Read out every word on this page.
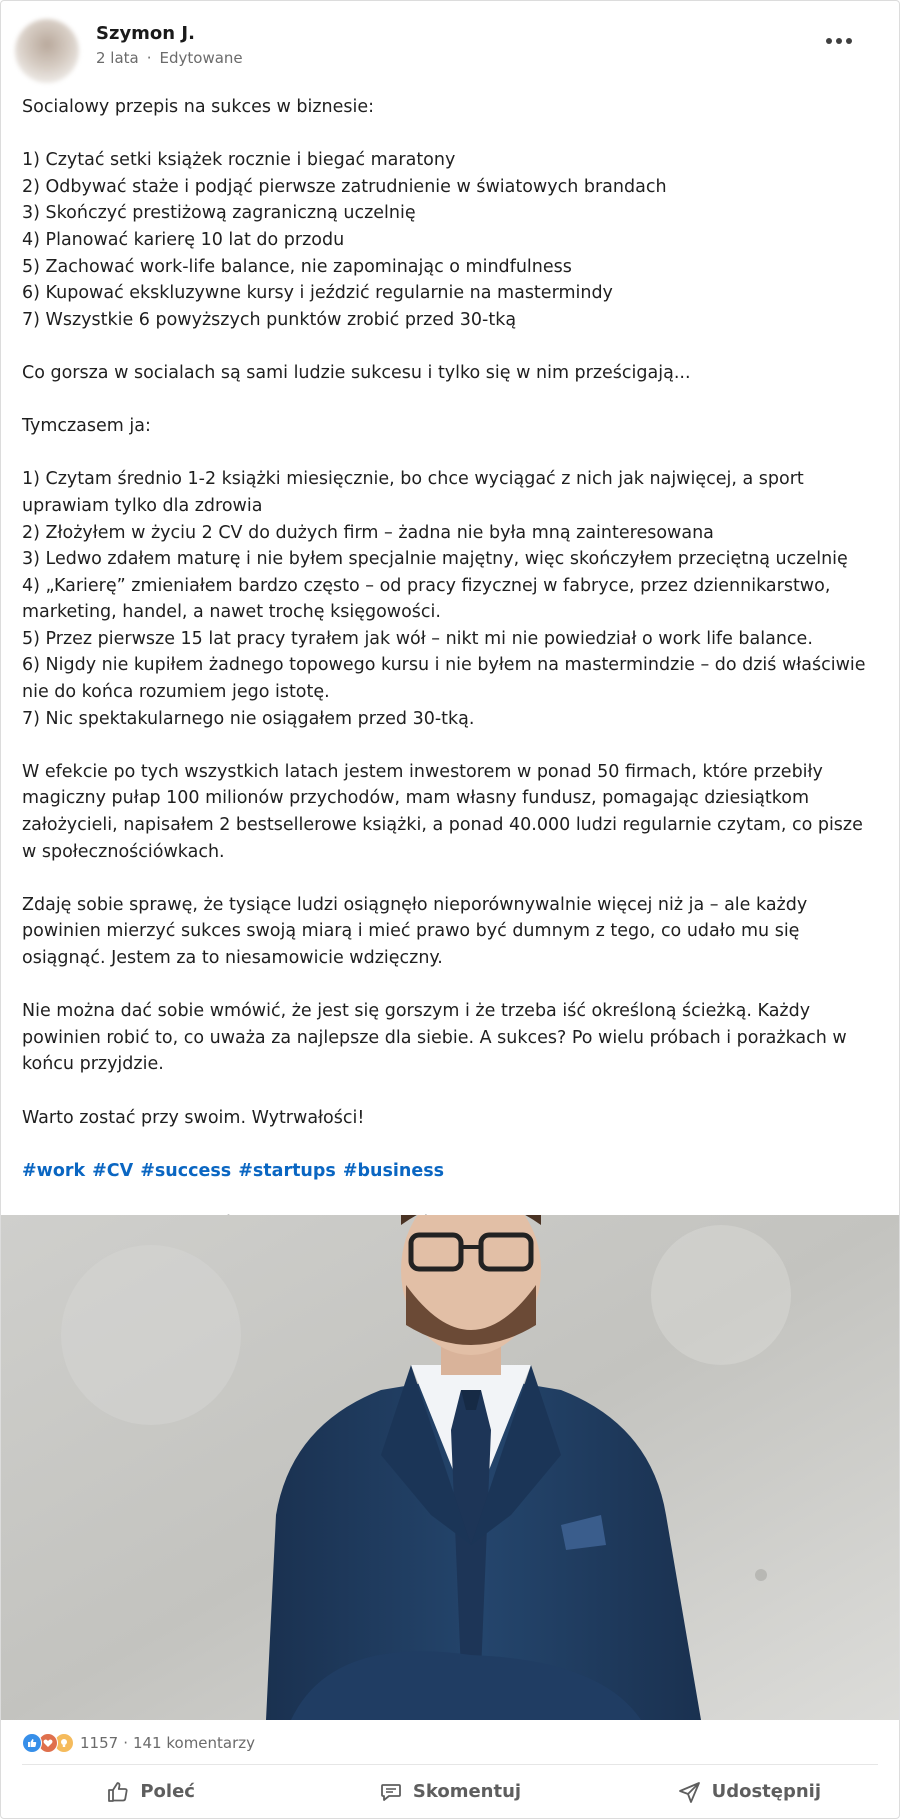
Szymon J.
2 lata · Edytowane

Socialowy przepis na sukces w biznesie:

1) Czytać setki książek rocznie i biegać maratony

2) Odbywać staże i podjąć pierwsze zatrudnienie w światowych brandach

3) Skończyć prestiżową zagraniczną uczelnię

4) Planować karierę 10 lat do przodu

5) Zachować work-life balance, nie zapominając o mindfulness

6) Kupować ekskluzywne kursy i jeździć regularnie na mastermindy

7) Wszystkie 6 powyższych punktów zrobić przed 30-tką

Co gorsza w socialach są sami ludzie sukcesu i tylko się w nim prześcigają...

Tymczasem ja:

1) Czytam średnio 1-2 książki miesięcznie, bo chce wyciągać z nich jak najwięcej, a sport uprawiam tylko dla zdrowia

2) Złożyłem w życiu 2 CV do dużych firm – żadna nie była mną zainteresowana

3) Ledwo zdałem maturę i nie byłem specjalnie majętny, więc skończyłem przeciętną uczelnię

4) „Karierę” zmieniałem bardzo często – od pracy fizycznej w fabryce, przez dziennikarstwo, marketing, handel, a nawet trochę księgowości.

5) Przez pierwsze 15 lat pracy tyrałem jak wół – nikt mi nie powiedział o work life balance.

6) Nigdy nie kupiłem żadnego topowego kursu i nie byłem na mastermindzie – do dziś właściwie nie do końca rozumiem jego istotę.

7) Nic spektakularnego nie osiągałem przed 30-tką.

W efekcie po tych wszystkich latach jestem inwestorem w ponad 50 firmach, które przebiły magiczny pułap 100 milionów przychodów, mam własny fundusz, pomagając dziesiątkom założycieli, napisałem 2 bestsellerowe książki, a ponad 40.000 ludzi regularnie czytam, co pisze w społecznościówkach.

Zdaję sobie sprawę, że tysiące ludzi osiągnęło nieporównywalnie więcej niż ja – ale każdy powinien mierzyć sukces swoją miarą i mieć prawo być dumnym z tego, co udało mu się osiągnąć. Jestem za to niesamowicie wdzięczny.

Nie można dać sobie wmówić, że jest się gorszym i że trzeba iść określoną ścieżką. Każdy powinien robić to, co uważa za najlepsze dla siebie. A sukces? Po wielu próbach i porażkach w końcu przyjdzie.

Warto zostać przy swoim. Wytrwałości!

#work #CV #success #startups #business

1157 · 141 komentarzy
Poleć	Skomentuj	Udostępnij
